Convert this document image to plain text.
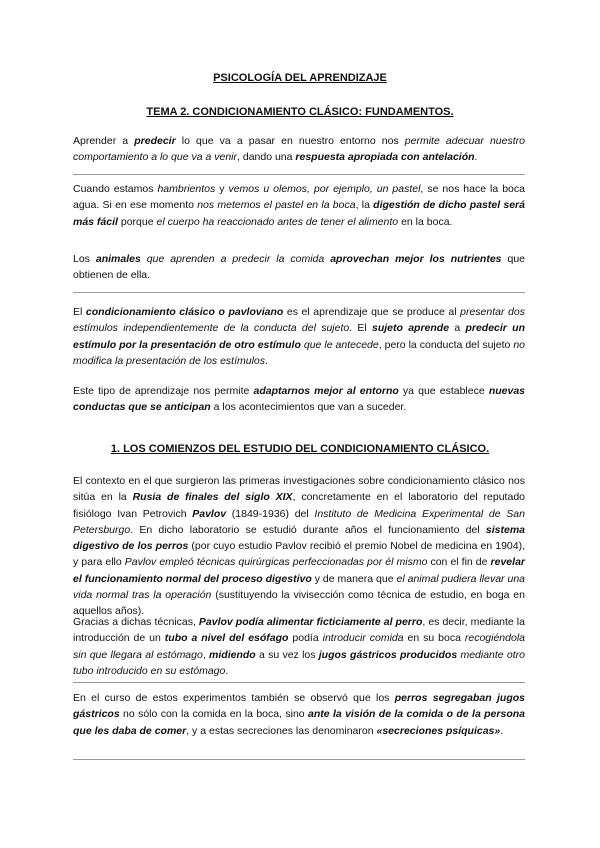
PSICOLOGÍA DEL APRENDIZAJE
TEMA 2. CONDICIONAMIENTO CLÁSICO: FUNDAMENTOS.

Aprender a predecir lo que va a pasar en nuestro entorno nos permite adecuar nuestro comportamiento a lo que va a venir, dando una respuesta apropiada con antelación.

Cuando estamos hambrientos y vemos u olemos, por ejemplo, un pastel, se nos hace la boca agua. Si en ese momento nos metemos el pastel en la boca, la digestión de dicho pastel será más fácil porque el cuerpo ha reaccionado antes de tener el alimento en la boca.

Los animales que aprenden a predecir la comida aprovechan mejor los nutrientes que obtienen de ella.

El condicionamiento clásico o pavloviano es el aprendizaje que se produce al presentar dos estímulos independientemente de la conducta del sujeto. El sujeto aprende a predecir un estímulo por la presentación de otro estímulo que le antecede, pero la conducta del sujeto no modifica la presentación de los estímulos.

Este tipo de aprendizaje nos permite adaptarnos mejor al entorno ya que establece nuevas conductas que se anticipan a los acontecimientos que van a suceder.

1. LOS COMIENZOS DEL ESTUDIO DEL CONDICIONAMIENTO CLÁSICO.

El contexto en el que surgieron las primeras investigaciones sobre condicionamiento clásico nos sitúa en la Rusia de finales del siglo XIX, concretamente en el laboratorio del reputado fisiólogo Ivan Petrovich Pavlov (1849-1936) del Instituto de Medicina Experimental de San Petersburgo. En dicho laboratorio se estudió durante años el funcionamiento del sistema digestivo de los perros (por cuyo estudio Pavlov recibió el premio Nobel de medicina en 1904), y para ello Pavlov empleó técnicas quirúrgicas perfeccionadas por él mismo con el fin de revelar el funcionamiento normal del proceso digestivo y de manera que el animal pudiera llevar una vida normal tras la operación (sustituyendo la vivisección como técnica de estudio, en boga en aquellos años).

Gracias a dichas técnicas, Pavlov podía alimentar ficticiamente al perro, es decir, mediante la introducción de un tubo a nivel del esófago podía introducir comida en su boca recogiéndola sin que llegara al estómago, midiendo a su vez los jugos gástricos producidos mediante otro tubo introducido en su estómago.

En el curso de estos experimentos también se observó que los perros segregaban jugos gástricos no sólo con la comida en la boca, sino ante la visión de la comida o de la persona que les daba de comer, y a estas secreciones las denominaron «secreciones psíquicas».
